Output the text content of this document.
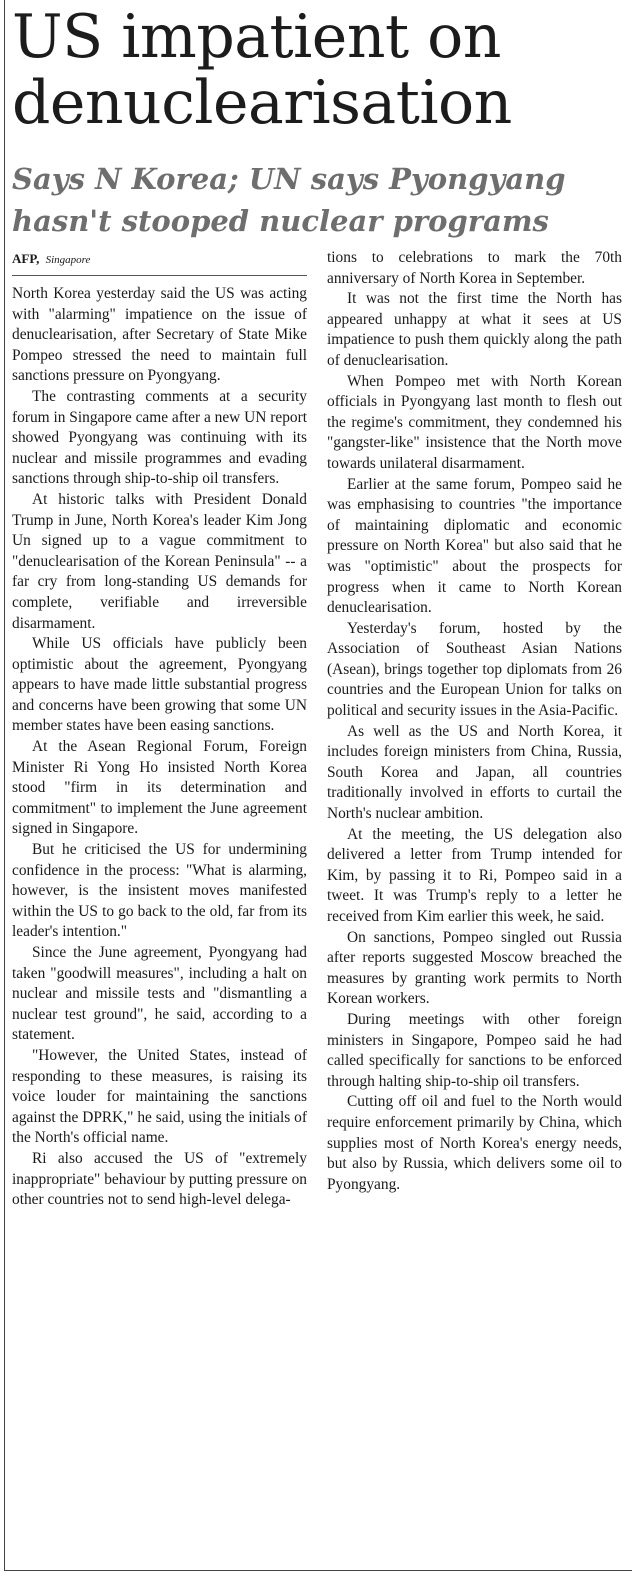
US impatient on denuclearisation
Says N Korea; UN says Pyongyang hasn't stooped nuclear programs
AFP, Singapore

North Korea yesterday said the US was acting with "alarming" impatience on the issue of denuclearisation, after Secretary of State Mike Pompeo stressed the need to maintain full sanctions pressure on Pyongyang.

The contrasting comments at a security forum in Singapore came after a new UN report showed Pyongyang was continuing with its nuclear and missile programmes and evading sanctions through ship-to-ship oil transfers.

At historic talks with President Donald Trump in June, North Korea's leader Kim Jong Un signed up to a vague commitment to "denuclearisation of the Korean Peninsula" -- a far cry from long-standing US demands for complete, verifiable and irreversible disarmament.

While US officials have publicly been optimistic about the agreement, Pyongyang appears to have made little substantial progress and concerns have been growing that some UN member states have been easing sanctions.

At the Asean Regional Forum, Foreign Minister Ri Yong Ho insisted North Korea stood "firm in its determination and commitment" to implement the June agreement signed in Singapore.

But he criticised the US for undermining confidence in the process: "What is alarming, however, is the insistent moves manifested within the US to go back to the old, far from its leader's intention."

Since the June agreement, Pyongyang had taken "goodwill measures", including a halt on nuclear and missile tests and "dismantling a nuclear test ground", he said, according to a statement.

"However, the United States, instead of responding to these measures, is raising its voice louder for maintaining the sanctions against the DPRK," he said, using the initials of the North's official name.

Ri also accused the US of "extremely inappropriate" behaviour by putting pressure on other countries not to send high-level delega-

tions to celebrations to mark the 70th anniversary of North Korea in September.

It was not the first time the North has appeared unhappy at what it sees at US impatience to push them quickly along the path of denuclearisation.

When Pompeo met with North Korean officials in Pyongyang last month to flesh out the regime's commitment, they condemned his "gangster-like" insistence that the North move towards unilateral disarmament.

Earlier at the same forum, Pompeo said he was emphasising to countries "the importance of maintaining diplomatic and economic pressure on North Korea" but also said that he was "optimistic" about the prospects for progress when it came to North Korean denuclearisation.

Yesterday's forum, hosted by the Association of Southeast Asian Nations (Asean), brings together top diplomats from 26 countries and the European Union for talks on political and security issues in the Asia-Pacific.

As well as the US and North Korea, it includes foreign ministers from China, Russia, South Korea and Japan, all countries traditionally involved in efforts to curtail the North's nuclear ambition.

At the meeting, the US delegation also delivered a letter from Trump intended for Kim, by passing it to Ri, Pompeo said in a tweet. It was Trump's reply to a letter he received from Kim earlier this week, he said.

On sanctions, Pompeo singled out Russia after reports suggested Moscow breached the measures by granting work permits to North Korean workers.

During meetings with other foreign ministers in Singapore, Pompeo said he had called specifically for sanctions to be enforced through halting ship-to-ship oil transfers.

Cutting off oil and fuel to the North would require enforcement primarily by China, which supplies most of North Korea's energy needs, but also by Russia, which delivers some oil to Pyongyang.
